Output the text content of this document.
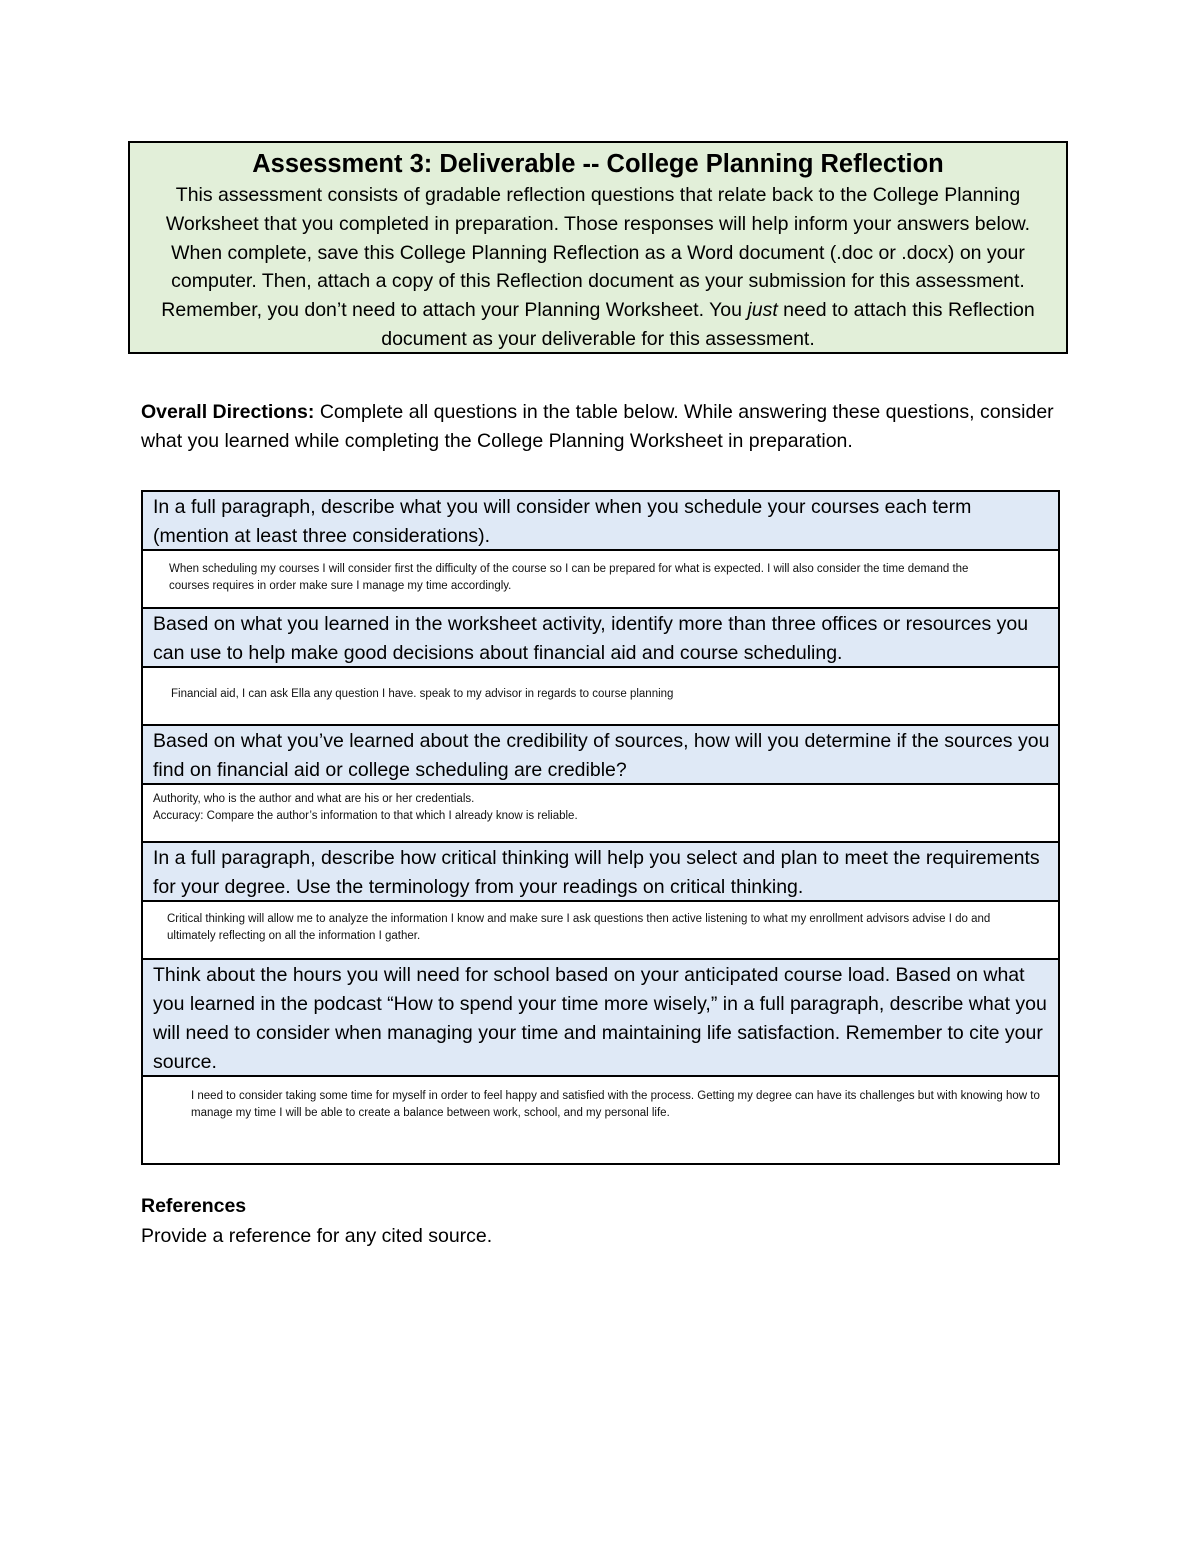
Assessment 3: Deliverable -- College Planning Reflection

This assessment consists of gradable reflection questions that relate back to the College Planning Worksheet that you completed in preparation. Those responses will help inform your answers below. When complete, save this College Planning Reflection as a Word document (.doc or .docx) on your computer. Then, attach a copy of this Reflection document as your submission for this assessment. Remember, you don’t need to attach your Planning Worksheet. You just need to attach this Reflection document as your deliverable for this assessment.

Overall Directions: Complete all questions in the table below. While answering these questions, consider what you learned while completing the College Planning Worksheet in preparation.
In a full paragraph, describe what you will consider when you schedule your courses each term (mention at least three considerations).
When scheduling my courses I will consider first the difficulty of the course so I can be prepared for what is expected. I will also consider the time demand the courses requires in order make sure I manage my time accordingly.
Based on what you learned in the worksheet activity, identify more than three offices or resources you can use to help make good decisions about financial aid and course scheduling.
Financial aid, I can ask Ella any question I have. speak to my advisor in regards to course planning
Based on what you’ve learned about the credibility of sources, how will you determine if the sources you find on financial aid or college scheduling are credible?
Authority, who is the author and what are his or her credentials.
Accuracy: Compare the author’s information to that which I already know is reliable.
In a full paragraph, describe how critical thinking will help you select and plan to meet the requirements for your degree. Use the terminology from your readings on critical thinking.
Critical thinking will allow me to analyze the information I know and make sure I ask questions then active listening to what my enrollment advisors advise I do and ultimately reflecting on all the information I gather.
Think about the hours you will need for school based on your anticipated course load. Based on what you learned in the podcast “How to spend your time more wisely,” in a full paragraph, describe what you will need to consider when managing your time and maintaining life satisfaction. Remember to cite your source.
I need to consider taking some time for myself in order to feel happy and satisfied with the process. Getting my degree can have its challenges but with knowing how to manage my time I will be able to create a balance between work, school, and my personal life.
References
Provide a reference for any cited source.
